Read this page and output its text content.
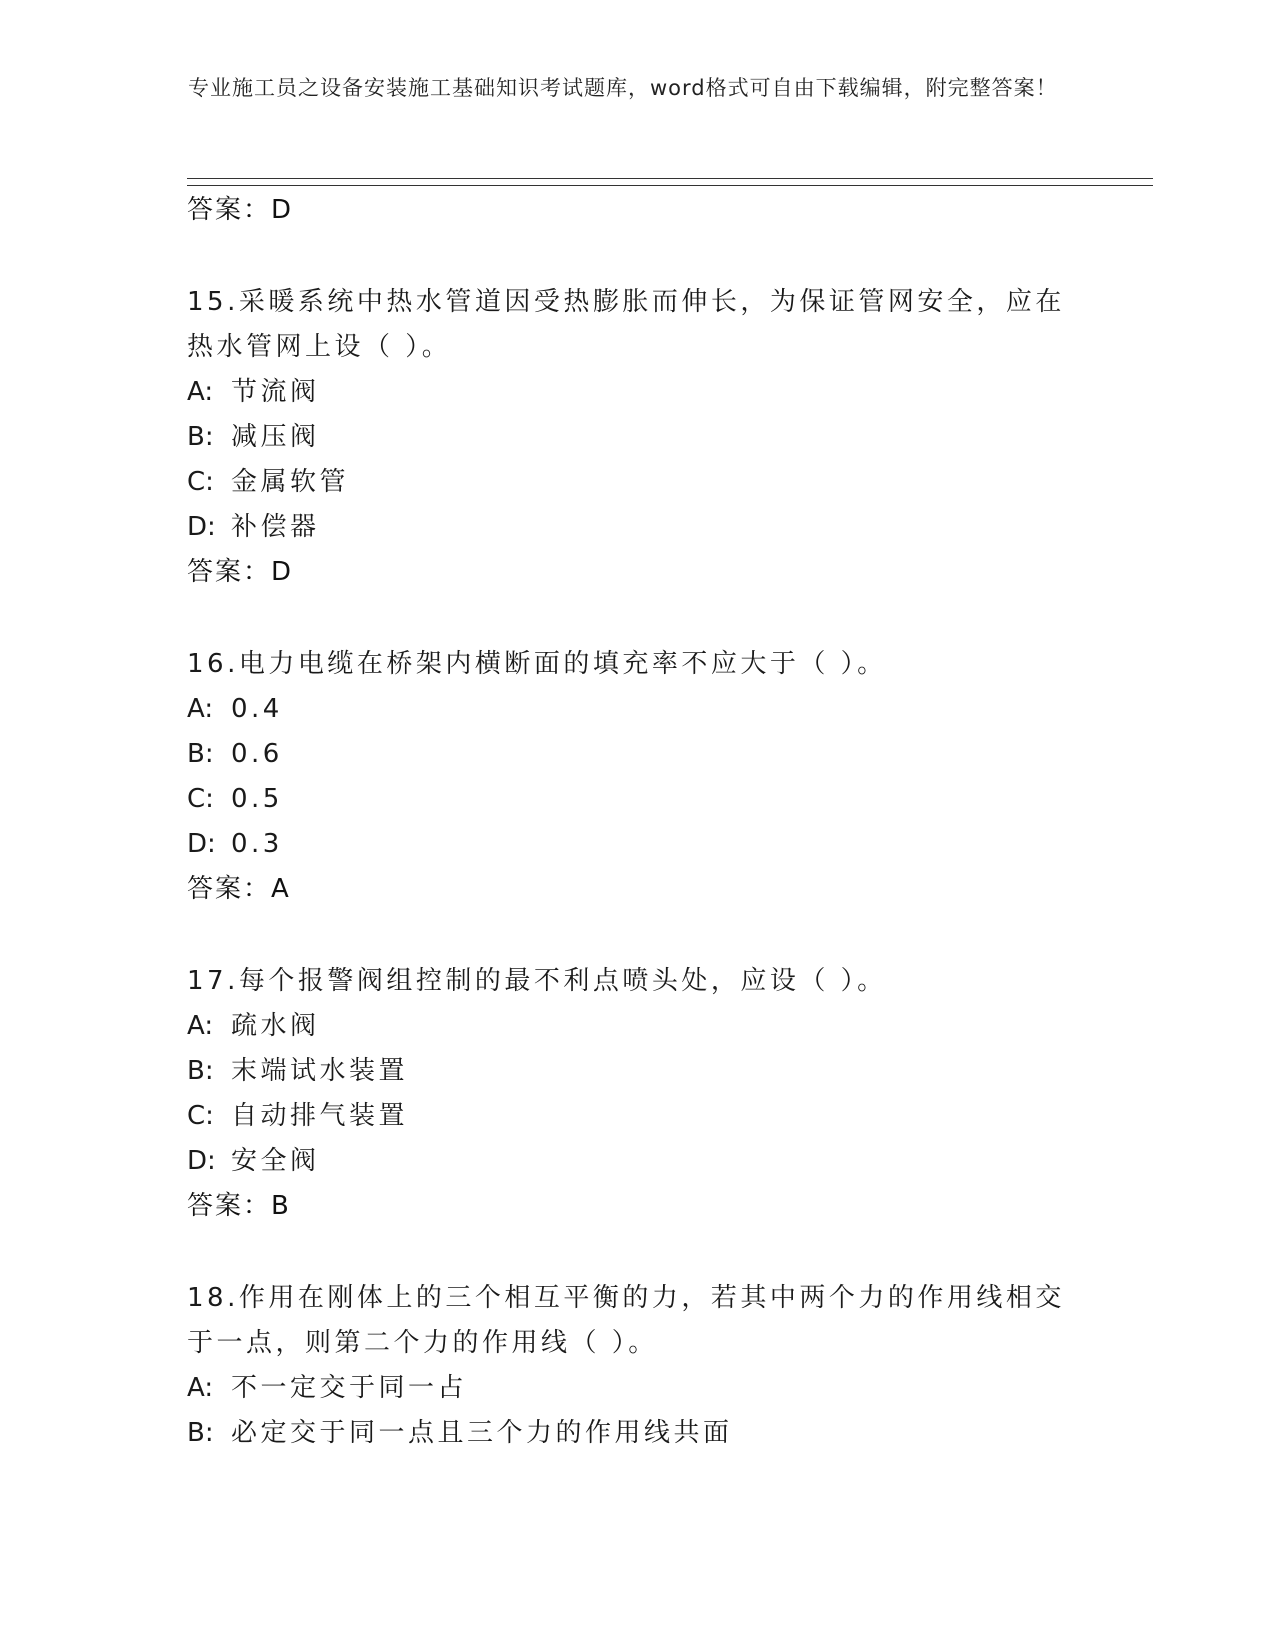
专业施工员之设备安装施工基础知识考试题库，word格式可自由下载编辑，附完整答案！
答案：D
15.采暖系统中热水管道因受热膨胀而伸长，为保证管网安全，应在热水管网上设（ ）。
A: 节流阀
B: 减压阀
C: 金属软管
D: 补偿器
答案：D
16.电力电缆在桥架内横断面的填充率不应大于（ ）。
A: 0.4
B: 0.6
C: 0.5
D: 0.3
答案：A
17.每个报警阀组控制的最不利点喷头处，应设（ ）。
A: 疏水阀
B: 末端试水装置
C: 自动排气装置
D: 安全阀
答案：B
18.作用在刚体上的三个相互平衡的力，若其中两个力的作用线相交于一点，则第二个力的作用线（ ）。
A: 不一定交于同一占
B: 必定交于同一点且三个力的作用线共面
